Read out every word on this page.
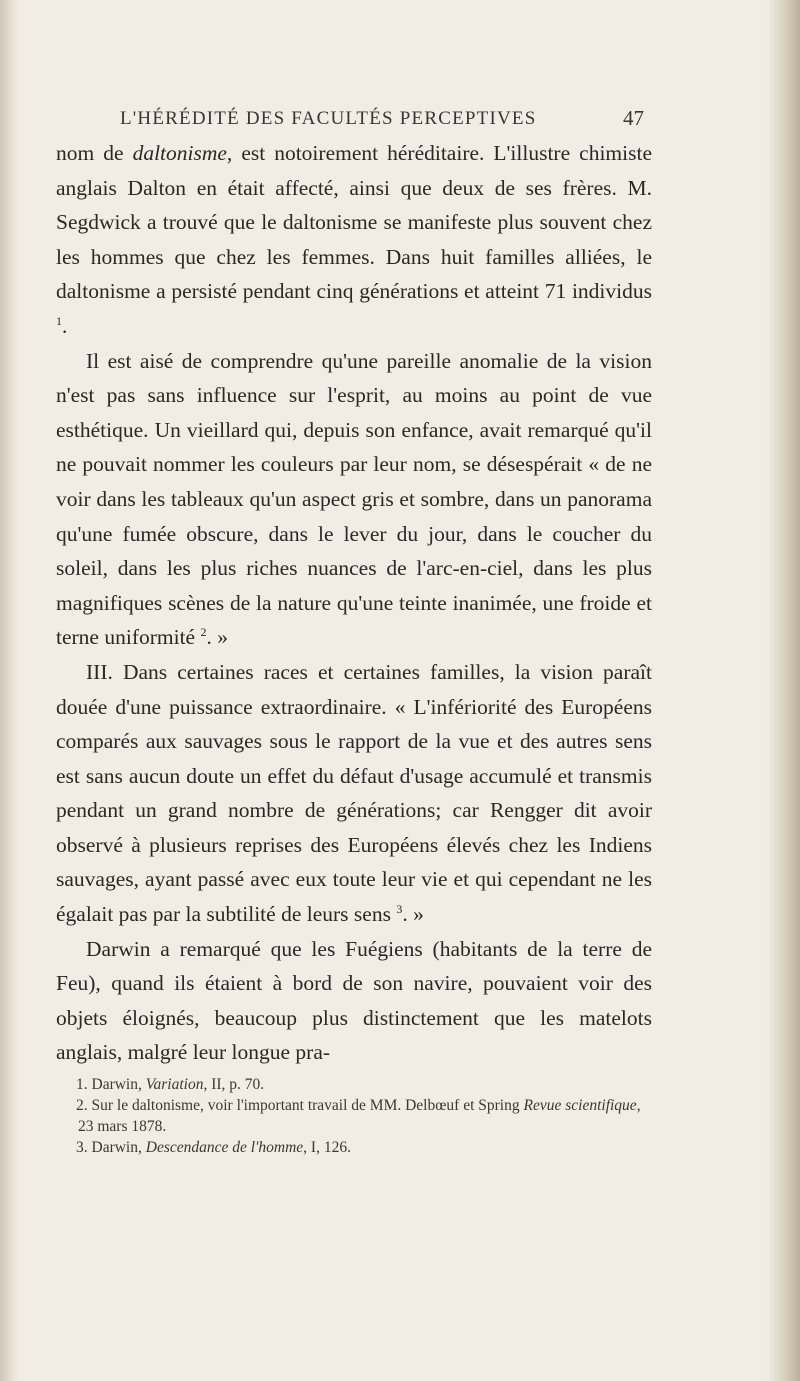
L'HÉRÉDITÉ DES FACULTÉS PERCEPTIVES	47

nom de daltonisme, est notoirement héréditaire. L'illustre chimiste anglais Dalton en était affecté, ainsi que deux de ses frères. M. Segdwick a trouvé que le daltonisme se manifeste plus souvent chez les hommes que chez les femmes. Dans huit familles alliées, le daltonisme a persisté pendant cinq générations et atteint 71 individus $^1$.

Il est aisé de comprendre qu'une pareille anomalie de la vision n'est pas sans influence sur l'esprit, au moins au point de vue esthétique. Un vieillard qui, depuis son enfance, avait remarqué qu'il ne pouvait nommer les couleurs par leur nom, se désespérait « de ne voir dans les tableaux qu'un aspect gris et sombre, dans un panorama qu'une fumée obscure, dans le lever du jour, dans le coucher du soleil, dans les plus riches nuances de l'arc-en-ciel, dans les plus magnifiques scènes de la nature qu'une teinte inanimée, une froide et terne uniformité $^2$. »

III. Dans certaines races et certaines familles, la vision paraît douée d'une puissance extraordinaire. « L'infériorité des Européens comparés aux sauvages sous le rapport de la vue et des autres sens est sans aucun doute un effet du défaut d'usage accumulé et transmis pendant un grand nombre de générations; car Rengger dit avoir observé à plusieurs reprises des Européens élevés chez les Indiens sauvages, ayant passé avec eux toute leur vie et qui cependant ne les égalait pas par la subtilité de leurs sens $^3$. »

Darwin a remarqué que les Fuégiens (habitants de la terre de Feu), quand ils étaient à bord de son navire, pouvaient voir des objets éloignés, beaucoup plus distinctement que les matelots anglais, malgré leur longue pra-

1. Darwin, Variation, II, p. 70.

2. Sur le daltonisme, voir l'important travail de MM. Delbœuf et Spring Revue scientifique, 23 mars 1878.

3. Darwin, Descendance de l'homme, I, 126.
